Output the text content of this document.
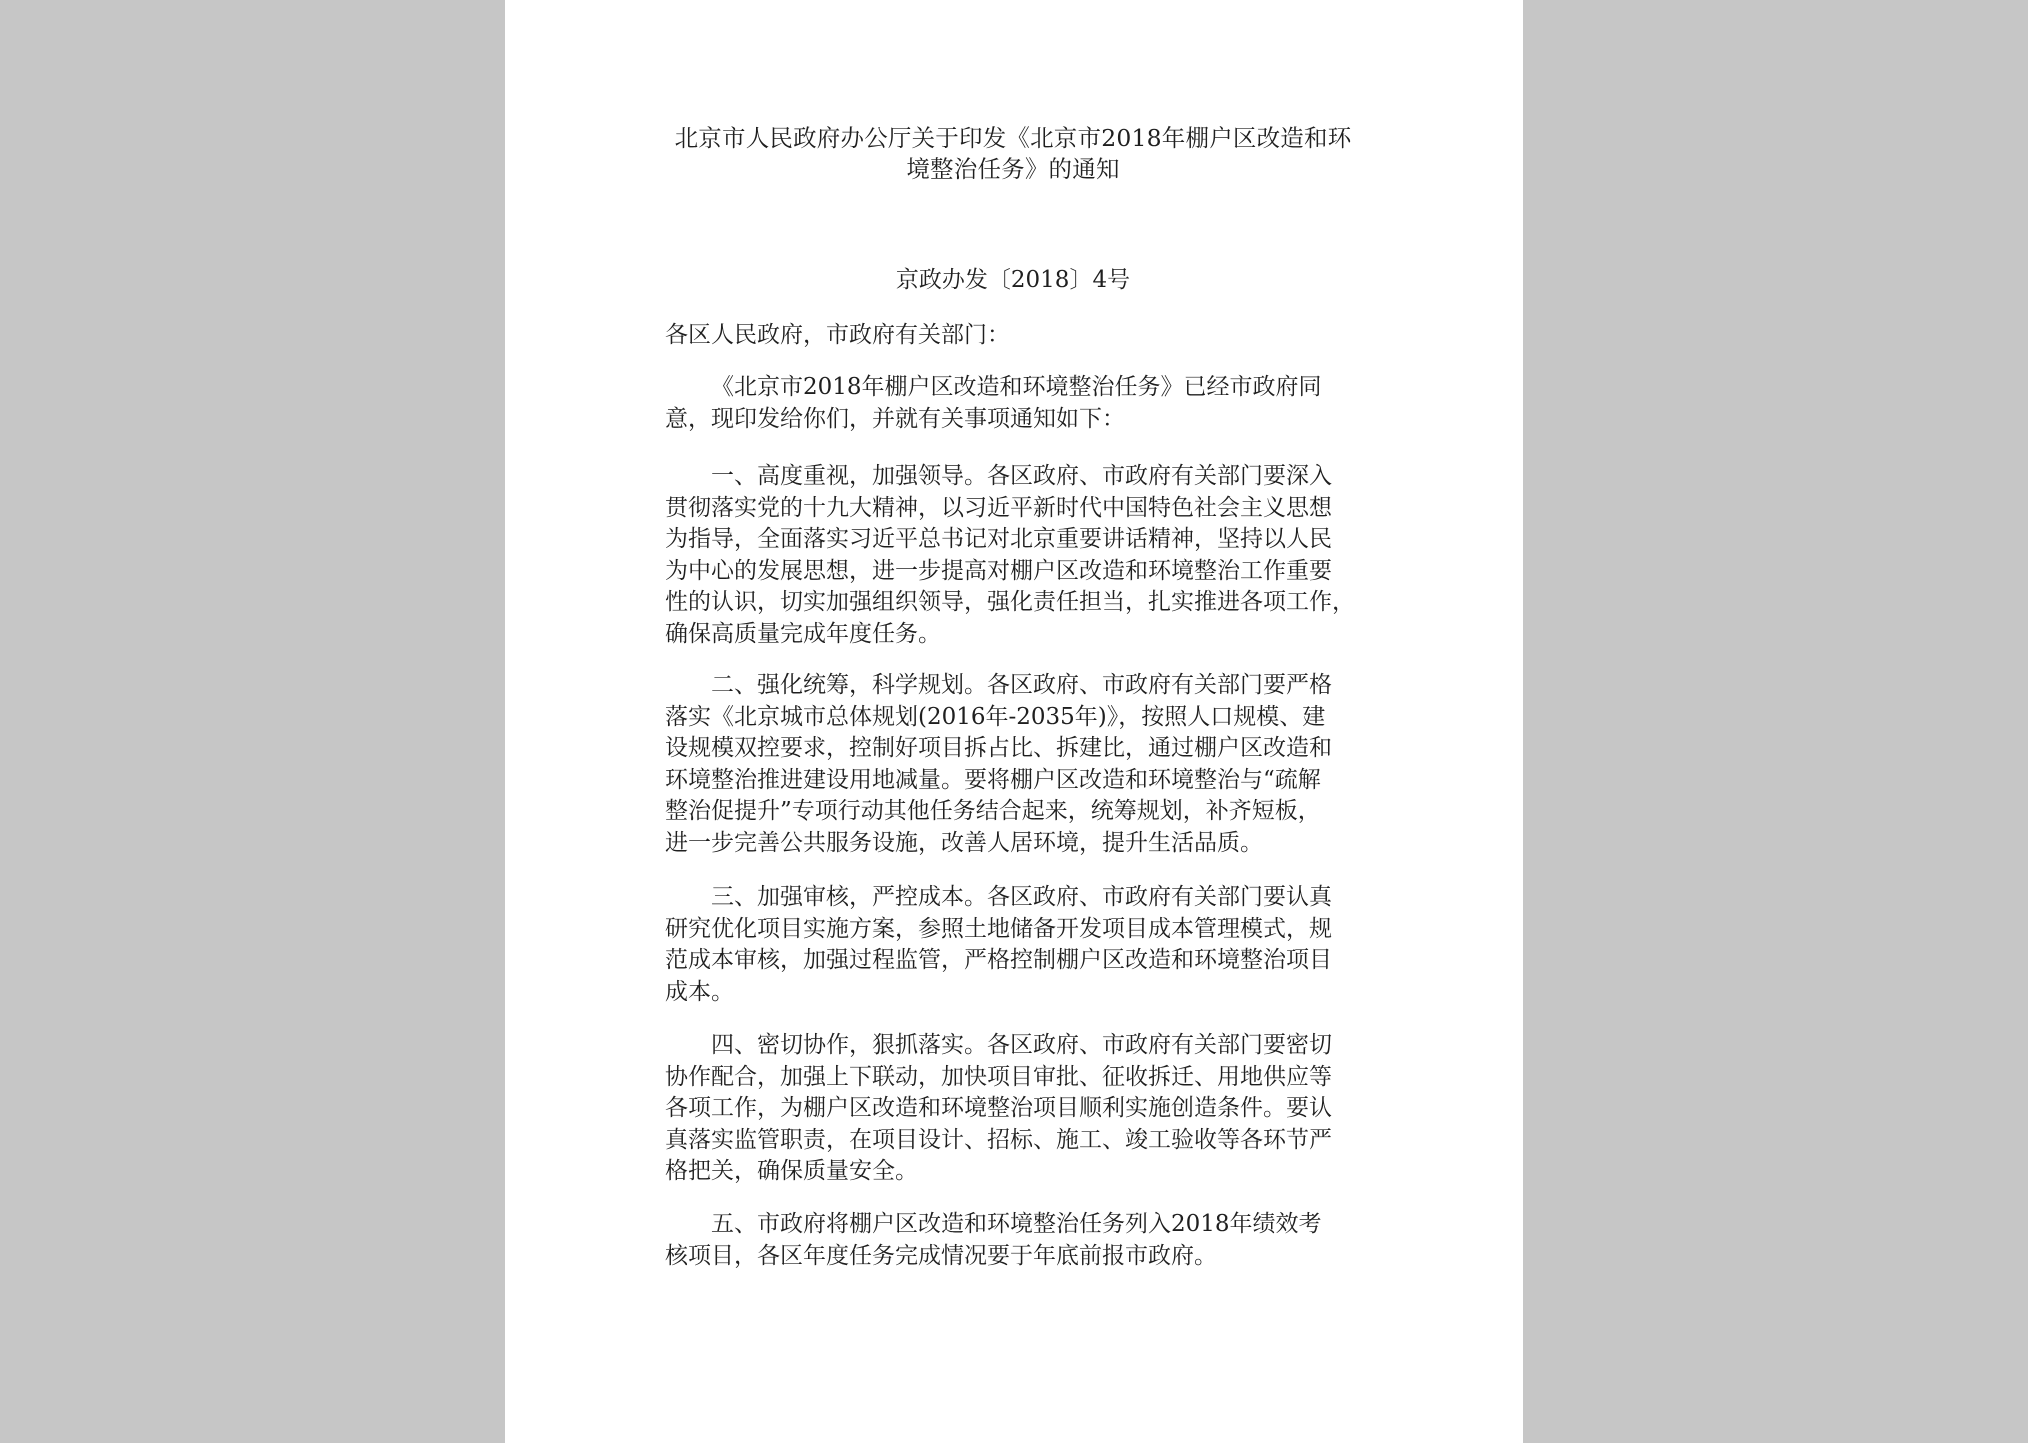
北京市人民政府办公厅关于印发《北京市2018年棚户区改造和环
境整治任务》的通知
京政办发〔2018〕4号
各区人民政府，市政府有关部门：
《北京市2018年棚户区改造和环境整治任务》已经市政府同
意，现印发给你们，并就有关事项通知如下：
一、高度重视，加强领导。各区政府、市政府有关部门要深入
贯彻落实党的十九大精神，以习近平新时代中国特色社会主义思想
为指导，全面落实习近平总书记对北京重要讲话精神，坚持以人民
为中心的发展思想，进一步提高对棚户区改造和环境整治工作重要
性的认识，切实加强组织领导，强化责任担当，扎实推进各项工作，
确保高质量完成年度任务。
二、强化统筹，科学规划。各区政府、市政府有关部门要严格
落实《北京城市总体规划(2016年-2035年)》，按照人口规模、建
设规模双控要求，控制好项目拆占比、拆建比，通过棚户区改造和
环境整治推进建设用地减量。要将棚户区改造和环境整治与“疏解
整治促提升”专项行动其他任务结合起来，统筹规划，补齐短板，
进一步完善公共服务设施，改善人居环境，提升生活品质。
三、加强审核，严控成本。各区政府、市政府有关部门要认真
研究优化项目实施方案，参照土地储备开发项目成本管理模式，规
范成本审核，加强过程监管，严格控制棚户区改造和环境整治项目
成本。
四、密切协作，狠抓落实。各区政府、市政府有关部门要密切
协作配合，加强上下联动，加快项目审批、征收拆迁、用地供应等
各项工作，为棚户区改造和环境整治项目顺利实施创造条件。要认
真落实监管职责，在项目设计、招标、施工、竣工验收等各环节严
格把关，确保质量安全。
五、市政府将棚户区改造和环境整治任务列入2018年绩效考
核项目，各区年度任务完成情况要于年底前报市政府。
